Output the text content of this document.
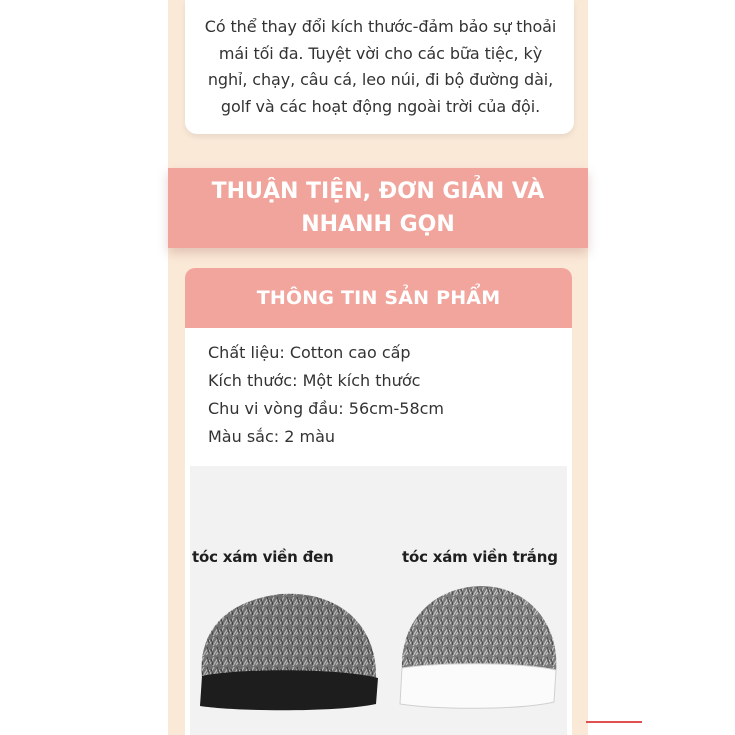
Có thể thay đổi kích thước-đảm bảo sự thoải mái tối đa. Tuyệt vời cho các bữa tiệc, kỳ nghỉ, chạy, câu cá, leo núi, đi bộ đường dài, golf và các hoạt động ngoài trời của đội.

THUẬN TIỆN, ĐƠN GIẢN VÀ NHANH GỌN
THÔNG TIN SẢN PHẨM
Chất liệu: Cotton cao cấp
Kích thước: Một kích thước
Chu vi vòng đầu: 56cm-58cm
Màu sắc: 2 màu
tóc xám viền đen	tóc xám viền trắng
